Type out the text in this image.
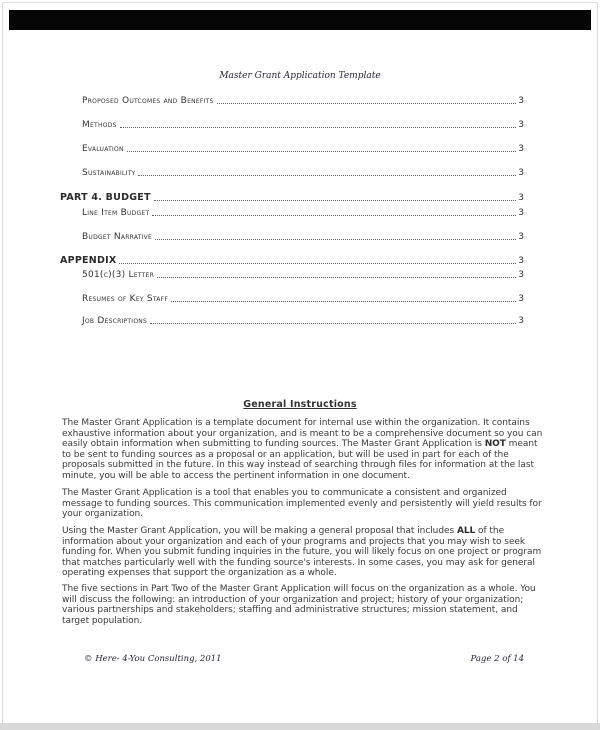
Master Grant Application Template
Proposed Outcomes and Benefits	3
Methods	3
Evaluation	3
Sustainability	3
PART 4. BUDGET	3
Line Item Budget	3
Budget Narrative	3
APPENDIX	3
501(c)(3) Letter	3
Resumes of Key Staff	3
Job Descriptions	3
General Instructions
The Master Grant Application is a template document for internal use within the organization. It contains exhaustive information about your organization, and is meant to be a comprehensive document so you can easily obtain information when submitting to funding sources. The Master Grant Application is NOT meant to be sent to funding sources as a proposal or an application, but will be used in part for each of the proposals submitted in the future. In this way instead of searching through files for information at the last minute, you will be able to access the pertinent information in one document.
The Master Grant Application is a tool that enables you to communicate a consistent and organized message to funding sources. This communication implemented evenly and persistently will yield results for your organization.
Using the Master Grant Application, you will be making a general proposal that includes ALL of the information about your organization and each of your programs and projects that you may wish to seek funding for. When you submit funding inquiries in the future, you will likely focus on one project or program that matches particularly well with the funding source's interests. In some cases, you may ask for general operating expenses that support the organization as a whole.
The five sections in Part Two of the Master Grant Application will focus on the organization as a whole. You will discuss the following: an introduction of your organization and project; history of your organization; various partnerships and stakeholders; staffing and administrative structures; mission statement, and target population.
© Here- 4-You Consulting, 2011	Page 2 of 14
